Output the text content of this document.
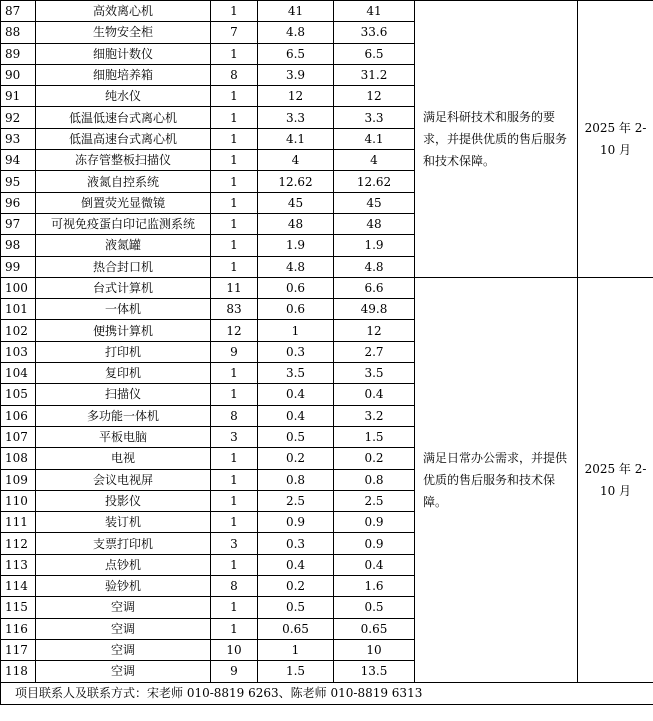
87	高效离心机	1	41	41	满足科研技术和服务的要求，并提供优质的售后服务和技术保障。	2025 年 2-10 月
88	生物安全柜	7	4.8	33.6		
89	细胞计数仪	1	6.5	6.5		
90	细胞培养箱	8	3.9	31.2		
91	纯水仪	1	12	12		
92	低温低速台式离心机	1	3.3	3.3		
93	低温高速台式离心机	1	4.1	4.1		
94	冻存管整板扫描仪	1	4	4		
95	液氮自控系统	1	12.62	12.62		
96	倒置荧光显微镜	1	45	45		
97	可视免疫蛋白印记监测系统	1	48	48		
98	液氮罐	1	1.9	1.9		
99	热合封口机	1	4.8	4.8		
100	台式计算机	11	0.6	6.6	满足日常办公需求，并提供优质的售后服务和技术保障。	2025 年 2-10 月
101	一体机	83	0.6	49.8		
102	便携计算机	12	1	12		
103	打印机	9	0.3	2.7		
104	复印机	1	3.5	3.5		
105	扫描仪	1	0.4	0.4		
106	多功能一体机	8	0.4	3.2		
107	平板电脑	3	0.5	1.5		
108	电视	1	0.2	0.2		
109	会议电视屏	1	0.8	0.8		
110	投影仪	1	2.5	2.5		
111	装订机	1	0.9	0.9		
112	支票打印机	3	0.3	0.9		
113	点钞机	1	0.4	0.4		
114	验钞机	8	0.2	1.6		
115	空调	1	0.5	0.5		
116	空调	1	0.65	0.65		
117	空调	10	1	10		
118	空调	9	1.5	13.5		
项目联系人及联系方式：宋老师 010-8819 6263、陈老师 010-8819 6313						
